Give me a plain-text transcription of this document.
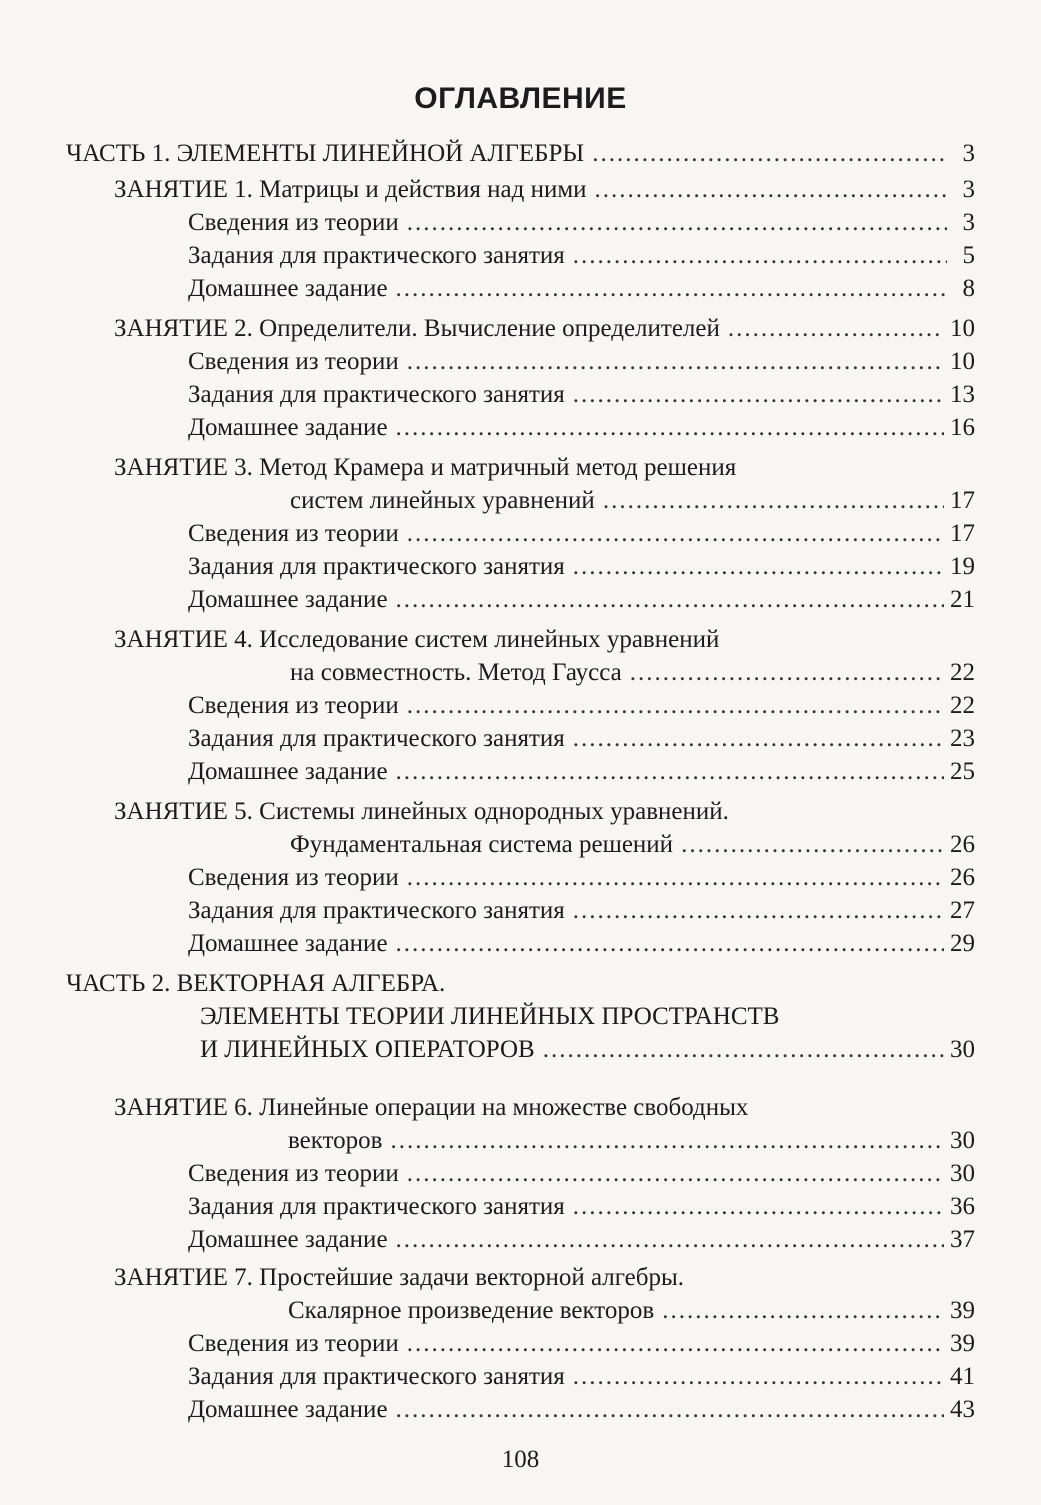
ОГЛАВЛЕНИЕ
ЧАСТЬ 1. ЭЛЕМЕНТЫ ЛИНЕЙНОЙ АЛГЕБРЫ .....	3
ЗАНЯТИЕ 1. Матрицы и действия над ними .....	3
Сведения из теории .....	3
Задания для практического занятия .....	5
Домашнее задание .....	8
ЗАНЯТИЕ 2. Определители. Вычисление определителей .....	10
Сведения из теории .....	10
Задания для практического занятия .....	13
Домашнее задание .....	16
ЗАНЯТИЕ 3. Метод Крамера и матричный метод решения
систем линейных уравнений .....	17
Сведения из теории .....	17
Задания для практического занятия .....	19
Домашнее задание .....	21
ЗАНЯТИЕ 4. Исследование систем линейных уравнений
на совместность. Метод Гаусса .....	22
Сведения из теории .....	22
Задания для практического занятия .....	23
Домашнее задание .....	25
ЗАНЯТИЕ 5. Системы линейных однородных уравнений.
Фундаментальная система решений .....	26
Сведения из теории .....	26
Задания для практического занятия .....	27
Домашнее задание .....	29
ЧАСТЬ 2. ВЕКТОРНАЯ АЛГЕБРА.
ЭЛЕМЕНТЫ ТЕОРИИ ЛИНЕЙНЫХ ПРОСТРАНСТВ
И ЛИНЕЙНЫХ ОПЕРАТОРОВ .....	30
ЗАНЯТИЕ 6. Линейные операции на множестве свободных
векторов .....	30
Сведения из теории .....	30
Задания для практического занятия .....	36
Домашнее задание .....	37
ЗАНЯТИЕ 7. Простейшие задачи векторной алгебры.
Скалярное произведение векторов .....	39
Сведения из теории .....	39
Задания для практического занятия .....	41
Домашнее задание .....	43
108
